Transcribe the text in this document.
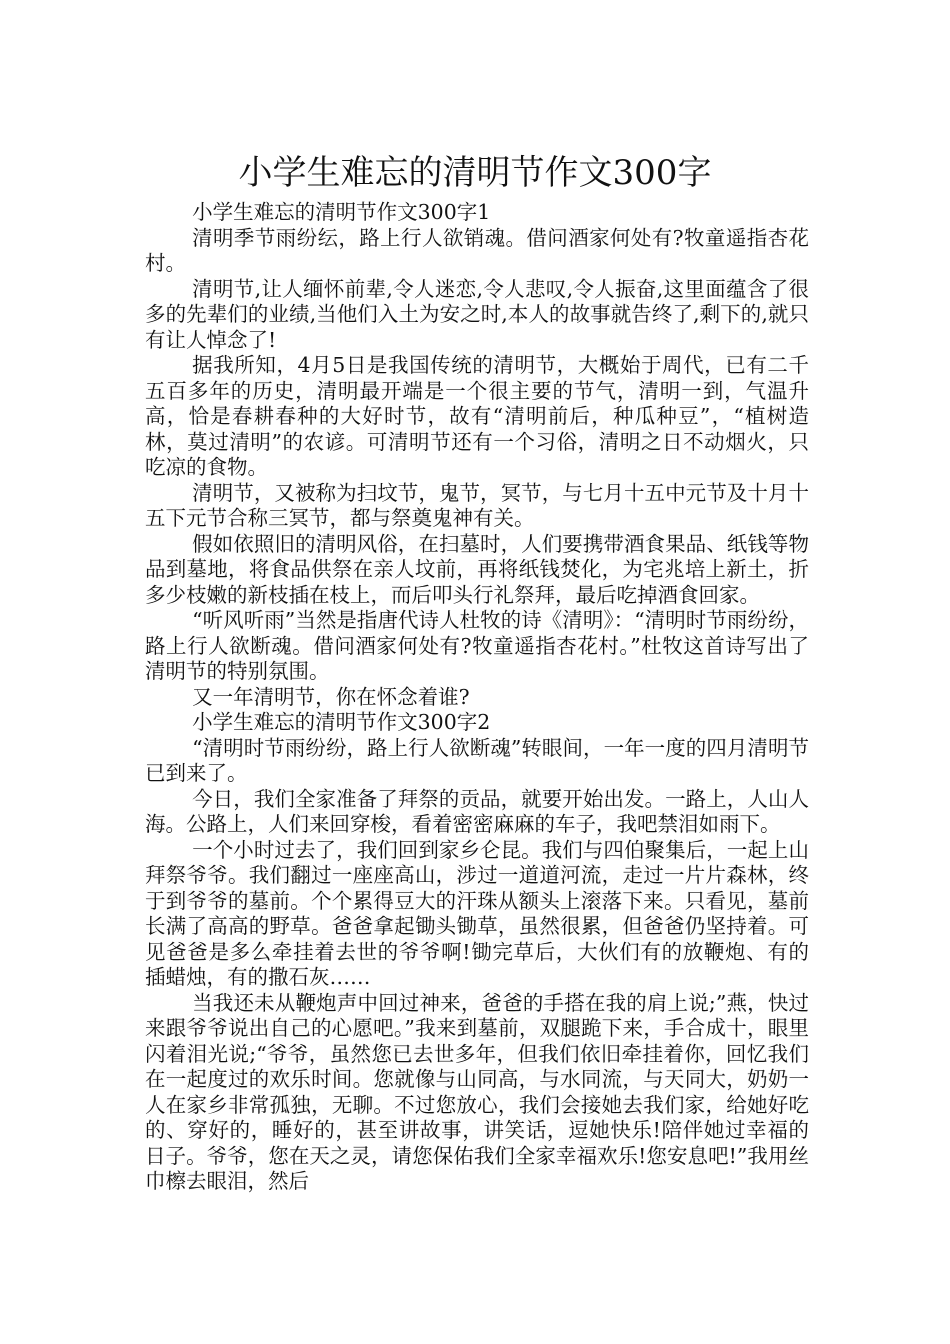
小学生难忘的清明节作文300字

小学生难忘的清明节作文300字1

清明季节雨纷纭，路上行人欲销魂。借问酒家何处有?牧童遥指杏花村。

清明节,让人缅怀前辈,令人迷恋,令人悲叹,令人振奋,这里面蕴含了很多的先辈们的业绩,当他们入土为安之时,本人的故事就告终了,剩下的,就只有让人悼念了!

据我所知，4月5日是我国传统的清明节，大概始于周代，已有二千五百多年的历史，清明最开端是一个很主要的节气，清明一到，气温升高，恰是春耕春种的大好时节，故有“清明前后，种瓜种豆”，“植树造林，莫过清明”的农谚。可清明节还有一个习俗，清明之日不动烟火，只吃凉的食物。

清明节，又被称为扫坟节，鬼节，冥节，与七月十五中元节及十月十五下元节合称三冥节，都与祭奠鬼神有关。

假如依照旧的清明风俗，在扫墓时，人们要携带酒食果品、纸钱等物品到墓地，将食品供祭在亲人坟前，再将纸钱焚化，为宅兆培上新土，折多少枝嫩的新枝插在枝上，而后叩头行礼祭拜，最后吃掉酒食回家。

“听风听雨”当然是指唐代诗人杜牧的诗《清明》：“清明时节雨纷纷，路上行人欲断魂。借问酒家何处有?牧童遥指杏花村。”杜牧这首诗写出了清明节的特别氛围。

又一年清明节，你在怀念着谁?

小学生难忘的清明节作文300字2

“清明时节雨纷纷，路上行人欲断魂”转眼间，一年一度的四月清明节已到来了。

今日，我们全家准备了拜祭的贡品，就要开始出发。一路上，人山人海。公路上，人们来回穿梭，看着密密麻麻的车子，我吧禁泪如雨下。

一个小时过去了，我们回到家乡仑昆。我们与四伯聚集后，一起上山拜祭爷爷。我们翻过一座座高山，涉过一道道河流，走过一片片森林，终于到爷爷的墓前。个个累得豆大的汗珠从额头上滚落下来。只看见，墓前长满了高高的野草。爸爸拿起锄头锄草，虽然很累，但爸爸仍坚持着。可见爸爸是多么牵挂着去世的爷爷啊!锄完草后，大伙们有的放鞭炮、有的插蜡烛，有的撒石灰……

当我还未从鞭炮声中回过神来，爸爸的手搭在我的肩上说;”燕，快过来跟爷爷说出自己的心愿吧。”我来到墓前，双腿跪下来，手合成十，眼里闪着泪光说;“爷爷，虽然您已去世多年，但我们依旧牵挂着你，回忆我们在一起度过的欢乐时间。您就像与山同高，与水同流，与天同大，奶奶一人在家乡非常孤独，无聊。不过您放心，我们会接她去我们家，给她好吃的、穿好的，睡好的，甚至讲故事，讲笑话，逗她快乐!陪伴她过幸福的日子。爷爷，您在天之灵，请您保佑我们全家幸福欢乐!您安息吧!”我用丝巾檫去眼泪，然后
